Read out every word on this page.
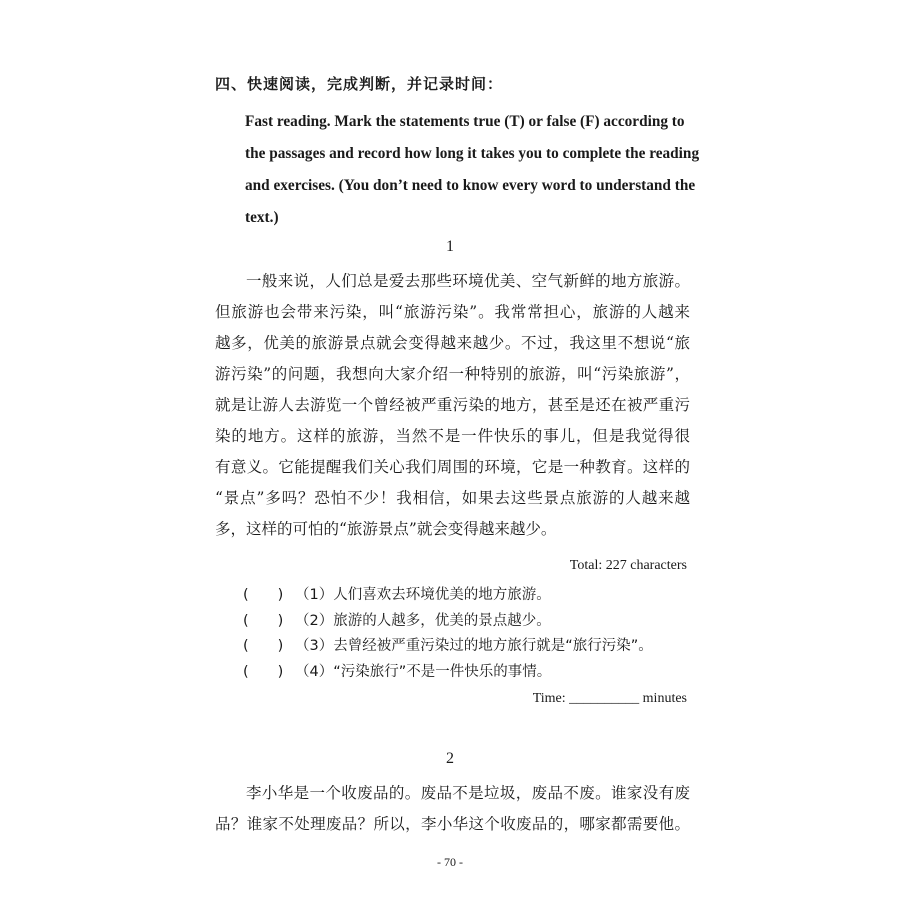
四、快速阅读，完成判断，并记录时间：
Fast reading. Mark the statements true (T) or false (F) according to
the passages and record how long it takes you to complete the reading
and exercises. (You don’t need to know every word to understand the
text.)
1
一般来说，人们总是爱去那些环境优美、空气新鲜的地方旅游。
但旅游也会带来污染，叫“旅游污染”。我常常担心，旅游的人越来
越多，优美的旅游景点就会变得越来越少。不过，我这里不想说“旅
游污染”的问题，我想向大家介绍一种特别的旅游，叫“污染旅游”，
就是让游人去游览一个曾经被严重污染的地方，甚至是还在被严重污
染的地方。这样的旅游，当然不是一件快乐的事儿，但是我觉得很
有意义。它能提醒我们关心我们周围的环境，它是一种教育。这样的
“景点”多吗？恐怕不少！我相信，如果去这些景点旅游的人越来越
多，这样的可怕的“旅游景点”就会变得越来越少。
Total: 227 characters
(　　) （1）人们喜欢去环境优美的地方旅游。
(　　) （2）旅游的人越多，优美的景点越少。
(　　) （3）去曾经被严重污染过的地方旅行就是“旅行污染”。
(　　) （4）“污染旅行”不是一件快乐的事情。
Time: __________ minutes
2
李小华是一个收废品的。废品不是垃圾，废品不废。谁家没有废
品？谁家不处理废品？所以，李小华这个收废品的，哪家都需要他。
- 70 -
